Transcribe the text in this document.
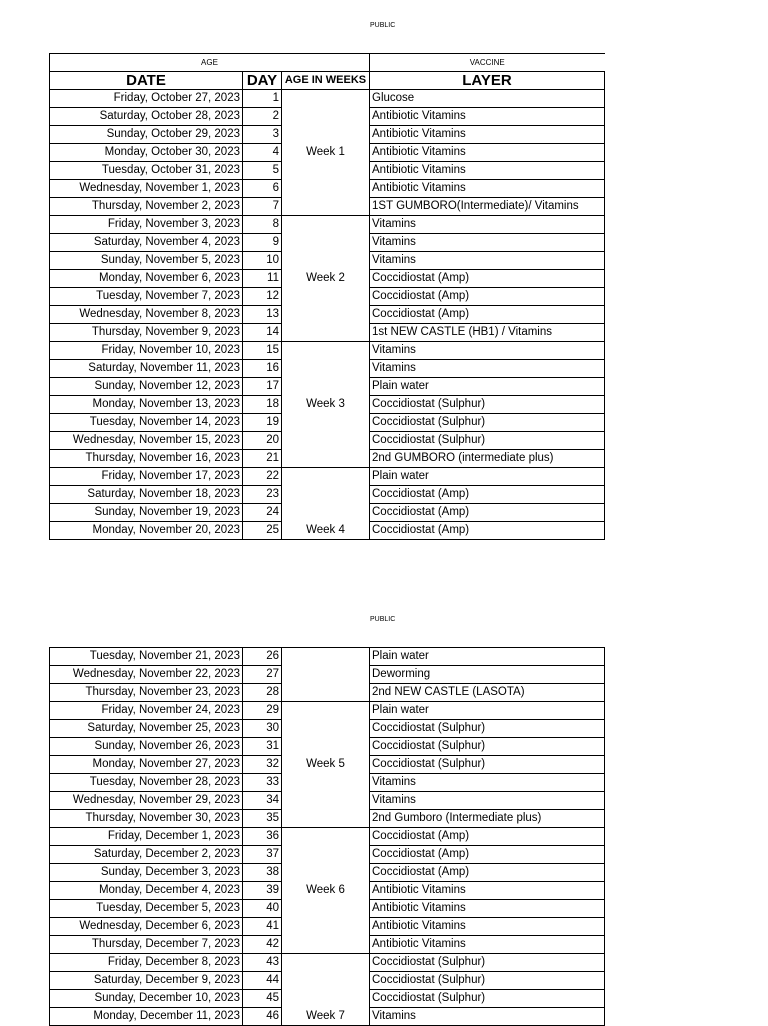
PUBLIC
AGE			VACCINE
DATE	DAY	AGE IN WEEKS	LAYER
Friday, October 27, 2023	1		Glucose
Saturday, October 28, 2023	2		Antibiotic Vitamins
Sunday, October 29, 2023	3		Antibiotic Vitamins
Monday, October 30, 2023	4	Week 1	Antibiotic Vitamins
Tuesday, October 31, 2023	5		Antibiotic Vitamins
Wednesday, November 1, 2023	6		Antibiotic Vitamins
Thursday, November 2, 2023	7		1ST GUMBORO(Intermediate)/ Vitamins
Friday, November 3, 2023	8		Vitamins
Saturday, November 4, 2023	9		Vitamins
Sunday, November 5, 2023	10		Vitamins
Monday, November 6, 2023	11	Week 2	Coccidiostat (Amp)
Tuesday, November 7, 2023	12		Coccidiostat (Amp)
Wednesday, November 8, 2023	13		Coccidiostat (Amp)
Thursday, November 9, 2023	14		1st NEW CASTLE (HB1) / Vitamins
Friday, November 10, 2023	15		Vitamins
Saturday, November 11, 2023	16		Vitamins
Sunday, November 12, 2023	17		Plain water
Monday, November 13, 2023	18	Week 3	Coccidiostat (Sulphur)
Tuesday, November 14, 2023	19		Coccidiostat (Sulphur)
Wednesday, November 15, 2023	20		Coccidiostat (Sulphur)
Thursday, November 16, 2023	21		2nd GUMBORO (intermediate plus)
Friday, November 17, 2023	22		Plain water
Saturday, November 18, 2023	23		Coccidiostat (Amp)
Sunday, November 19, 2023	24		Coccidiostat (Amp)
Monday, November 20, 2023	25	Week 4	Coccidiostat (Amp)
PUBLIC
Tuesday, November 21, 2023	26		Plain water
Wednesday, November 22, 2023	27		Deworming
Thursday, November 23, 2023	28		2nd NEW CASTLE (LASOTA)
Friday, November 24, 2023	29		Plain water
Saturday, November 25, 2023	30		Coccidiostat (Sulphur)
Sunday, November 26, 2023	31		Coccidiostat (Sulphur)
Monday, November 27, 2023	32	Week 5	Coccidiostat (Sulphur)
Tuesday, November 28, 2023	33		Vitamins
Wednesday, November 29, 2023	34		Vitamins
Thursday, November 30, 2023	35		2nd Gumboro (Intermediate plus)
Friday, December 1, 2023	36		Coccidiostat (Amp)
Saturday, December 2, 2023	37		Coccidiostat (Amp)
Sunday, December 3, 2023	38		Coccidiostat (Amp)
Monday, December 4, 2023	39	Week 6	Antibiotic Vitamins
Tuesday, December 5, 2023	40		Antibiotic Vitamins
Wednesday, December 6, 2023	41		Antibiotic Vitamins
Thursday, December 7, 2023	42		Antibiotic Vitamins
Friday, December 8, 2023	43		Coccidiostat (Sulphur)
Saturday, December 9, 2023	44		Coccidiostat (Sulphur)
Sunday, December 10, 2023	45		Coccidiostat (Sulphur)
Monday, December 11, 2023	46	Week 7	Vitamins
